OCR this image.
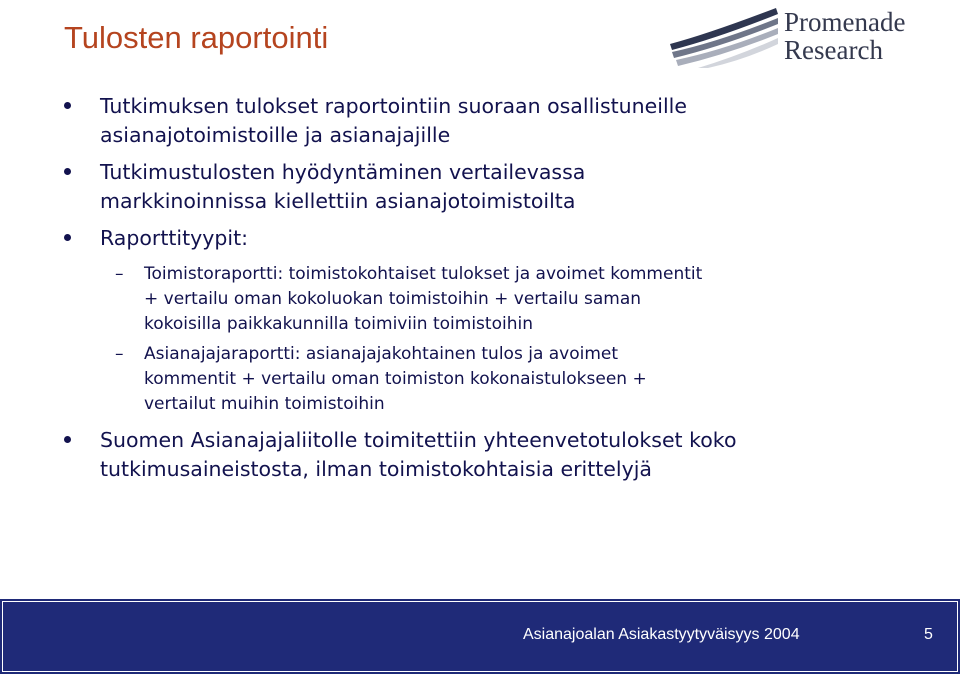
Tulosten raportointi	Promenade
Research

Tutkimuksen tulokset raportointiin suoraan osallistuneille

asianajotoimistoille ja asianajajille

Tutkimustulosten hyödyntäminen vertailevassa

markkinoinnissa kiellettiin asianajotoimistoilta

Raporttityypit:

– Toimistoraportti: toimistokohtaiset tulokset ja avoimet kommentit

+ vertailu oman kokoluokan toimistoihin + vertailu saman

kokoisilla paikkakunnilla toimiviin toimistoihin

– Asianajajaraportti: asianajajakohtainen tulos ja avoimet

kommentit + vertailu oman toimiston kokonaistulokseen +

vertailut muihin toimistoihin

Suomen Asianajajaliitolle toimitettiin yhteenvetotulokset koko

tutkimusaineistosta, ilman toimistokohtaisia erittelyjä

Asianajoalan Asiakastyytyväisyys 2004	5
